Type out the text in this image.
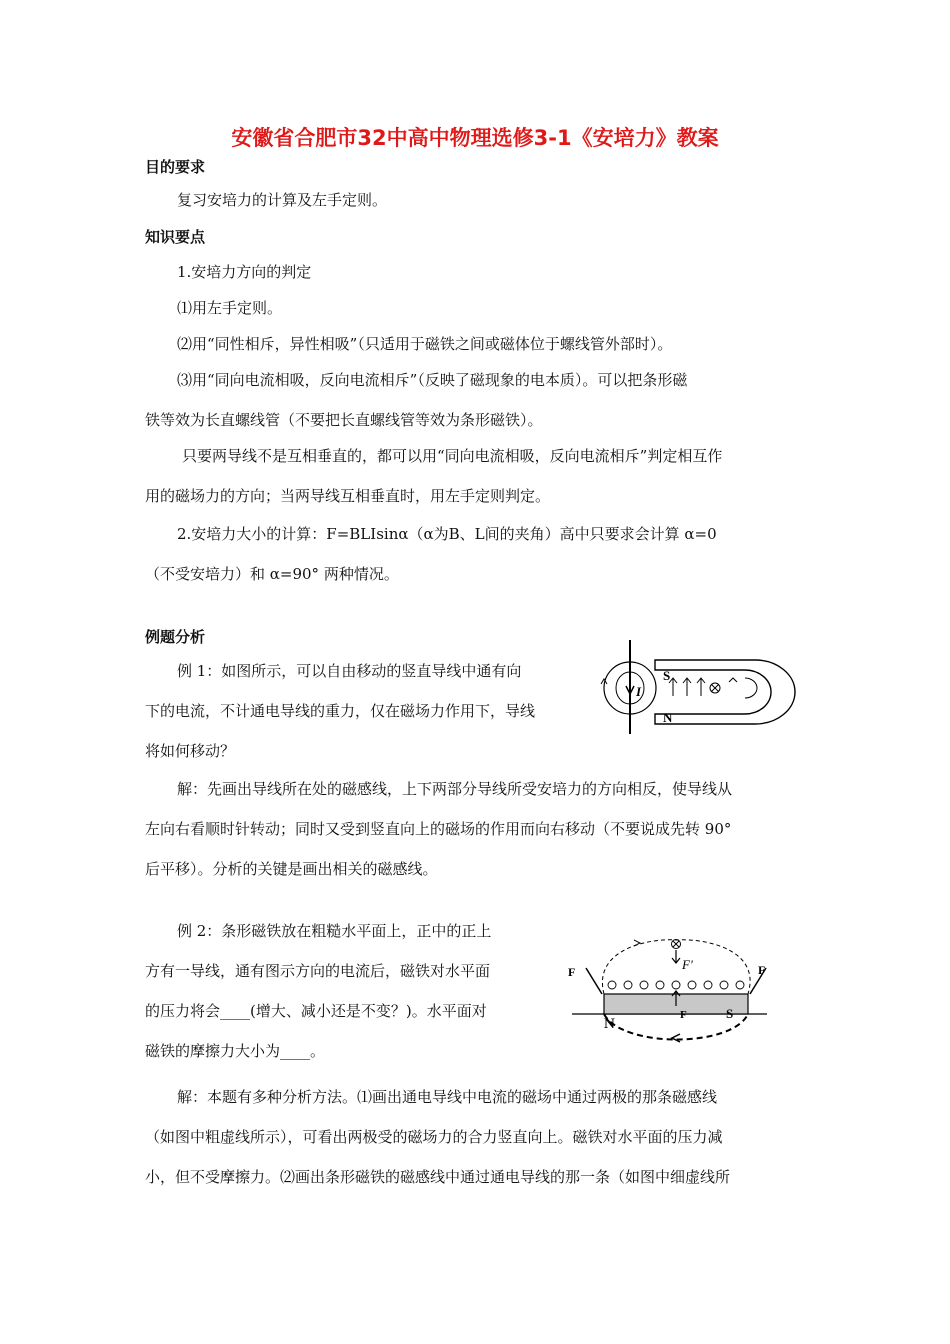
安徽省合肥市32中高中物理选修3-1《安培力》教案
目的要求
复习安培力的计算及左手定则。
知识要点
1.安培力方向的判定
⑴用左手定则。
⑵用“同性相斥，异性相吸”（只适用于磁铁之间或磁体位于螺线管外部时）。
⑶用“同向电流相吸，反向电流相斥”（反映了磁现象的电本质）。可以把条形磁
铁等效为长直螺线管（不要把长直螺线管等效为条形磁铁）。
只要两导线不是互相垂直的，都可以用“同向电流相吸，反向电流相斥”判定相互作
用的磁场力的方向；当两导线互相垂直时，用左手定则判定。
2.安培力大小的计算：F=BLIsinα（α为B、L间的夹角）高中只要求会计算 α=0
（不受安培力）和 α=90° 两种情况。
例题分析
例 1：如图所示，可以自由移动的竖直导线中通有向
下的电流，不计通电导线的重力，仅在磁场力作用下，导线
将如何移动？
S
N
I
解：先画出导线所在处的磁感线，上下两部分导线所受安培力的方向相反，使导线从
左向右看顺时针转动；同时又受到竖直向上的磁场的作用而向右移动（不要说成先转 90°
后平移）。分析的关键是画出相关的磁感线。
例 2：条形磁铁放在粗糙水平面上，正中的正上
方有一导线，通有图示方向的电流后，磁铁对水平面
的压力将会____(增大、减小还是不变？)。水平面对
磁铁的摩擦力大小为____。
F′
F
F	F
N
S
解：本题有多种分析方法。⑴画出通电导线中电流的磁场中通过两极的那条磁感线
（如图中粗虚线所示），可看出两极受的磁场力的合力竖直向上。磁铁对水平面的压力减
小，但不受摩擦力。⑵画出条形磁铁的磁感线中通过通电导线的那一条（如图中细虚线所
